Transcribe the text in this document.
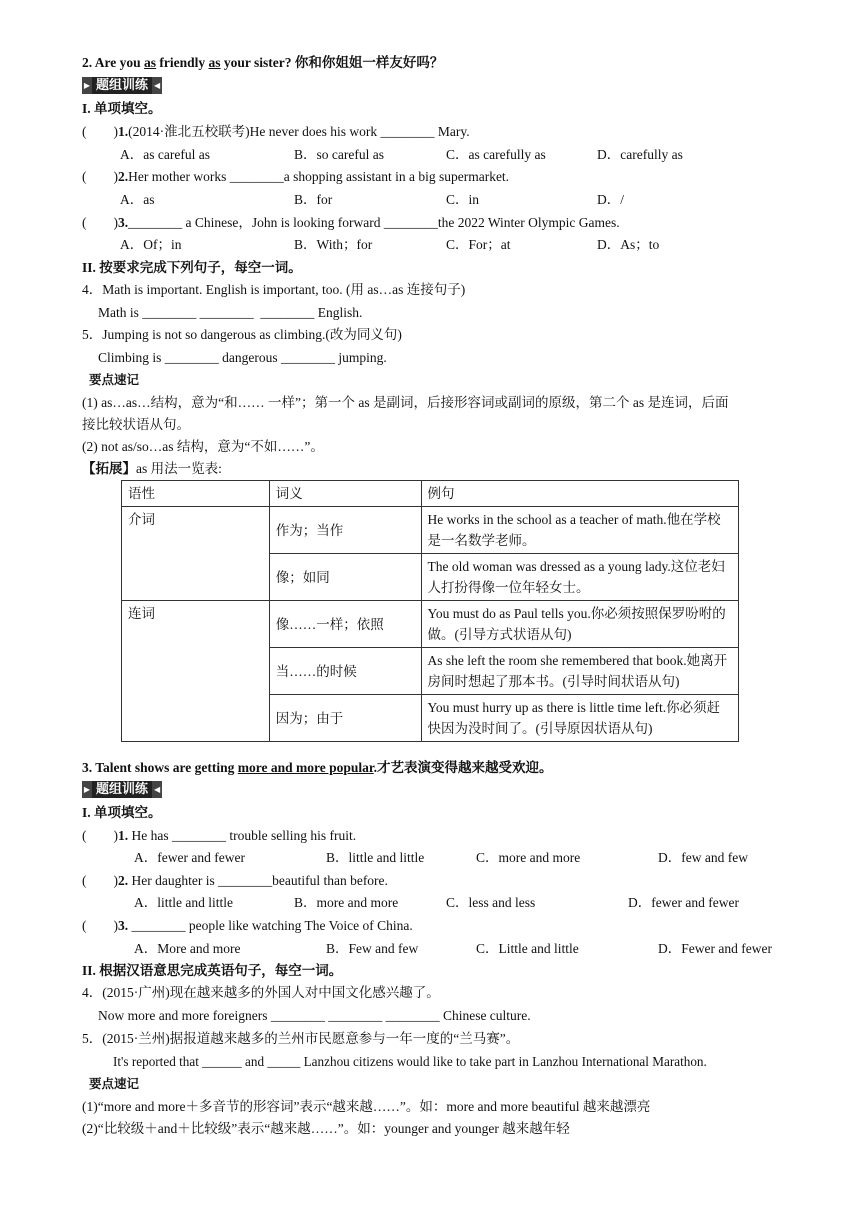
2. Are you as friendly as your sister? 你和你姐姐一样友好吗？
▶ 题组训练 ◀
I. 单项填空。
(　　)1.(2014·淮北五校联考)He never does his work ________ Mary.
A．as careful as	B．so careful as	C．as carefully as	D．carefully as
(　　)2.Her mother works ________a shopping assistant in a big supermarket.
A．as	B．for	C．in	D．/
(　　)3.________ a Chinese，John is looking forward ________the 2022 Winter Olympic Games.
A．Of；in	B．With；for	C．For；at	D．As；to
II. 按要求完成下列句子，每空一词。
4．Math is important. English is important, too. (用 as…as 连接句子)
Math is ________ ________  ________ English.
5．Jumping is not so dangerous as climbing.(改为同义句)
Climbing is ________ dangerous ________ jumping.
要点速记
(1) as…as…结构，意为“和…… 一样”；第一个 as 是副词，后接形容词或副词的原级，第二个 as 是连词，后面
接比较状语从句。
(2) not as/so…as 结构，意为“不如……”。
【拓展】as 用法一览表:
语性	词义	例句
介词	作为；当作	He works in the school as a teacher of math.他在学校是一名数学老师。
	像；如同	The old woman was dressed as a young lady.这位老妇人打扮得像一位年轻女士。
连词	像……一样；依照	You must do as Paul tells you.你必须按照保罗吩咐的做。(引导方式状语从句)
	当……的时候	As she left the room she remembered that book.她离开房间时想起了那本书。(引导时间状语从句)
	因为；由于	You must hurry up as there is little time left.你必须赶快因为没时间了。(引导原因状语从句)
3. Talent shows are getting more and more popular.才艺表演变得越来越受欢迎。
▶ 题组训练 ◀
I. 单项填空。
(　　)1. He has ________ trouble selling his fruit.
A．fewer and fewer	B．little and little	C．more and more	D．few and few
(　　)2. Her daughter is ________beautiful than before.
A．little and little	B．more and more	C．less and less	D．fewer and fewer
(　　)3. ________ people like watching The Voice of China.
A．More and more	B．Few and few	C．Little and little	D．Fewer and fewer
II. 根据汉语意思完成英语句子，每空一词。
4．(2015·广州)现在越来越多的外国人对中国文化感兴趣了。
Now more and more foreigners ________ ________ ________ Chinese culture.
5．(2015·兰州)据报道越来越多的兰州市民愿意参与一年一度的“兰马赛”。
It's reported that ______ and _____ Lanzhou citizens would like to take part in Lanzhou International Marathon.
要点速记
(1)“more and more＋多音节的形容词”表示“越来越……”。如：more and more beautiful 越来越漂亮
(2)“比较级＋and＋比较级”表示“越来越……”。如：younger and younger 越来越年轻
